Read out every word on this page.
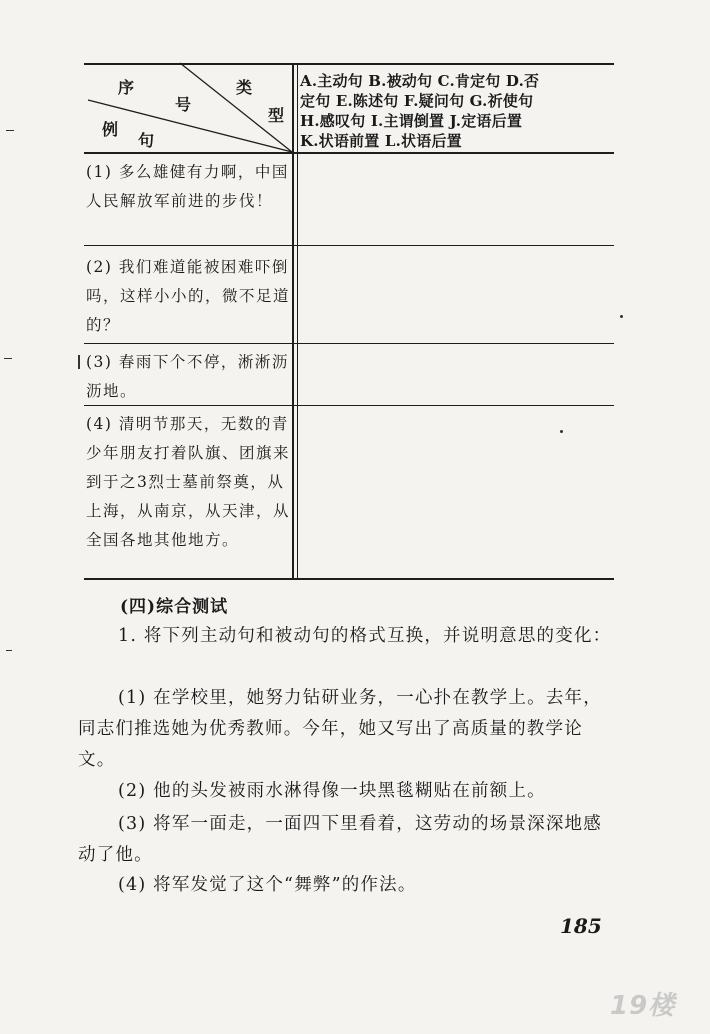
序
号
类
型
例
句
A.主动句 B.被动句 C.肯定句 D.否
定句 E.陈述句 F.疑问句 G.祈使句
H.感叹句 I.主谓倒置 J.定语后置
K.状语前置 L.状语后置
(1) 多么雄健有力啊，中国人民解放军前进的步伐！
(2) 我们难道能被困难吓倒吗，这样小小的，微不足道的？
(3) 春雨下个不停，淅淅沥沥地。
(4) 清明节那天，无数的青少年朋友打着队旗、团旗来到于之3烈士墓前祭奠，从上海，从南京，从天津，从全国各地其他地方。
(四)综合测试
1. 将下列主动句和被动句的格式互换，并说明意思的变化：
(1) 在学校里，她努力钻研业务，一心扑在教学上。去年，同志们推选她为优秀教师。今年，她又写出了高质量的教学论文。
(2) 他的头发被雨水淋得像一块黑毯糊贴在前额上。
(3) 将军一面走，一面四下里看着，这劳动的场景深深地感动了他。
(4) 将军发觉了这个“舞弊”的作法。
185
19楼
